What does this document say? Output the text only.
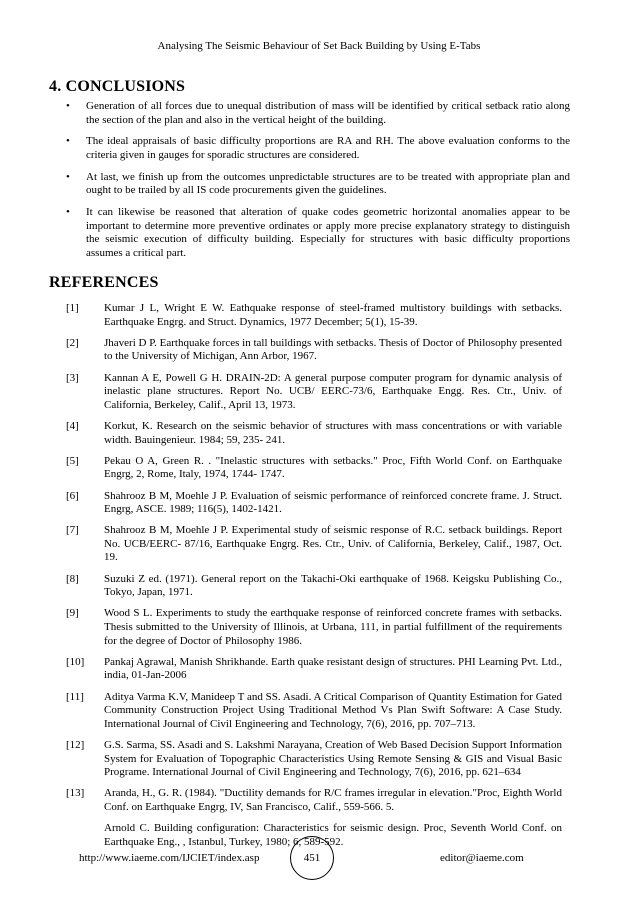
Analysing The Seismic Behaviour of Set Back Building by Using E-Tabs
4. CONCLUSIONS
• Generation of all forces due to unequal distribution of mass will be identified by critical setback ratio along the section of the plan and also in the vertical height of the building.
• The ideal appraisals of basic difficulty proportions are RA and RH. The above evaluation conforms to the criteria given in gauges for sporadic structures are considered.
• At last, we finish up from the outcomes unpredictable structures are to be treated with appropriate plan and ought to be trailed by all IS code procurements given the guidelines.
• It can likewise be reasoned that alteration of quake codes geometric horizontal anomalies appear to be important to determine more preventive ordinates or apply more precise explanatory strategy to distinguish the seismic execution of difficulty building. Especially for structures with basic difficulty proportions assumes a critical part.
REFERENCES
[1] Kumar J L, Wright E W. Eathquake response of steel-framed multistory buildings with setbacks. Earthquake Engrg. and Struct. Dynamics, 1977 December; 5(1), 15-39.
[2] Jhaveri D P. Earthquake forces in tall buildings with setbacks. Thesis of Doctor of Philosophy presented to the University of Michigan, Ann Arbor, 1967.
[3] Kannan A E, Powell G H. DRAIN-2D: A general purpose computer program for dynamic analysis of inelastic plane structures. Report No. UCB/ EERC-73/6, Earthquake Engg. Res. Ctr., Univ. of California, Berkeley, Calif., April 13, 1973.
[4] Korkut, K. Research on the seismic behavior of structures with mass concentrations or with variable width. Bauingenieur. 1984; 59, 235- 241.
[5] Pekau O A, Green R. . "Inelastic structures with setbacks." Proc, Fifth World Conf. on Earthquake Engrg, 2, Rome, Italy, 1974, 1744- 1747.
[6] Shahrooz B M, Moehle J P. Evaluation of seismic performance of reinforced concrete frame. J. Struct. Engrg, ASCE. 1989; 116(5), 1402-1421.
[7] Shahrooz B M, Moehle J P. Experimental study of seismic response of R.C. setback buildings. Report No. UCB/EERC- 87/16, Earthquake Engrg. Res. Ctr., Univ. of California, Berkeley, Calif., 1987, Oct. 19.
[8] Suzuki Z ed. (1971). General report on the Takachi-Oki earthquake of 1968. Keigsku Publishing Co., Tokyo, Japan, 1971.
[9] Wood S L. Experiments to study the earthquake response of reinforced concrete frames with setbacks. Thesis submitted to the University of Illinois, at Urbana, 111, in partial fulfillment of the requirements for the degree of Doctor of Philosophy 1986.
[10] Pankaj Agrawal, Manish Shrikhande. Earth quake resistant design of structures. PHI Learning Pvt. Ltd., india, 01-Jan-2006
[11] Aditya Varma K.V, Manideep T and SS. Asadi. A Critical Comparison of Quantity Estimation for Gated Community Construction Project Using Traditional Method Vs Plan Swift Software: A Case Study. International Journal of Civil Engineering and Technology, 7(6), 2016, pp. 707–713.
[12] G.S. Sarma, SS. Asadi and S. Lakshmi Narayana, Creation of Web Based Decision Support Information System for Evaluation of Topographic Characteristics Using Remote Sensing & GIS and Visual Basic Programe. International Journal of Civil Engineering and Technology, 7(6), 2016, pp. 621–634
[13] Aranda, H., G. R. (1984). "Ductility demands for R/C frames irregular in elevation."Proc, Eighth World Conf. on Earthquake Engrg, IV, San Francisco, Calif., 559-566. 5.
Arnold C. Building configuration: Characteristics for seismic design. Proc, Seventh World Conf. on Earthquake Eng., , Istanbul, Turkey, 1980; 6, 589-592.
http://www.iaeme.com/IJCIET/index.asp	451	editor@iaeme.com
